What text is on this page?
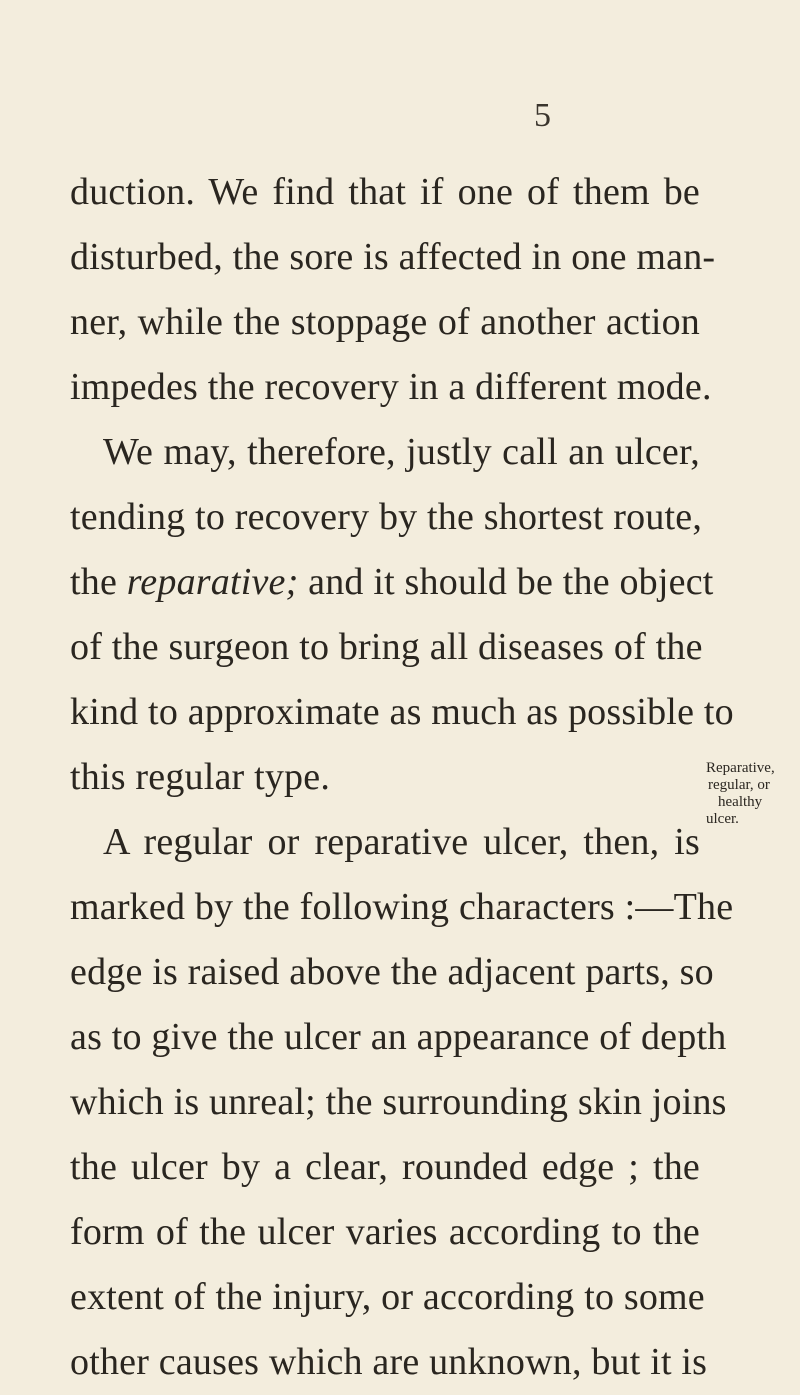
5
duction. We find that if one of them be
disturbed, the sore is affected in one man-
ner, while the stoppage of another action
impedes the recovery in a different mode.
We may, therefore, justly call an ulcer,
tending to recovery by the shortest route,
the reparative; and it should be the object
of the surgeon to bring all diseases of the
kind to approximate as much as possible to
this regular type.
A regular or reparative ulcer, then, is
marked by the following characters :—The
edge is raised above the adjacent parts, so
as to give the ulcer an appearance of depth
which is unreal; the surrounding skin joins
the ulcer by a clear, rounded edge ; the
form of the ulcer varies according to the
extent of the injury, or according to some
other causes which are unknown, but it is
Reparative,
regular, or
healthy
ulcer.
